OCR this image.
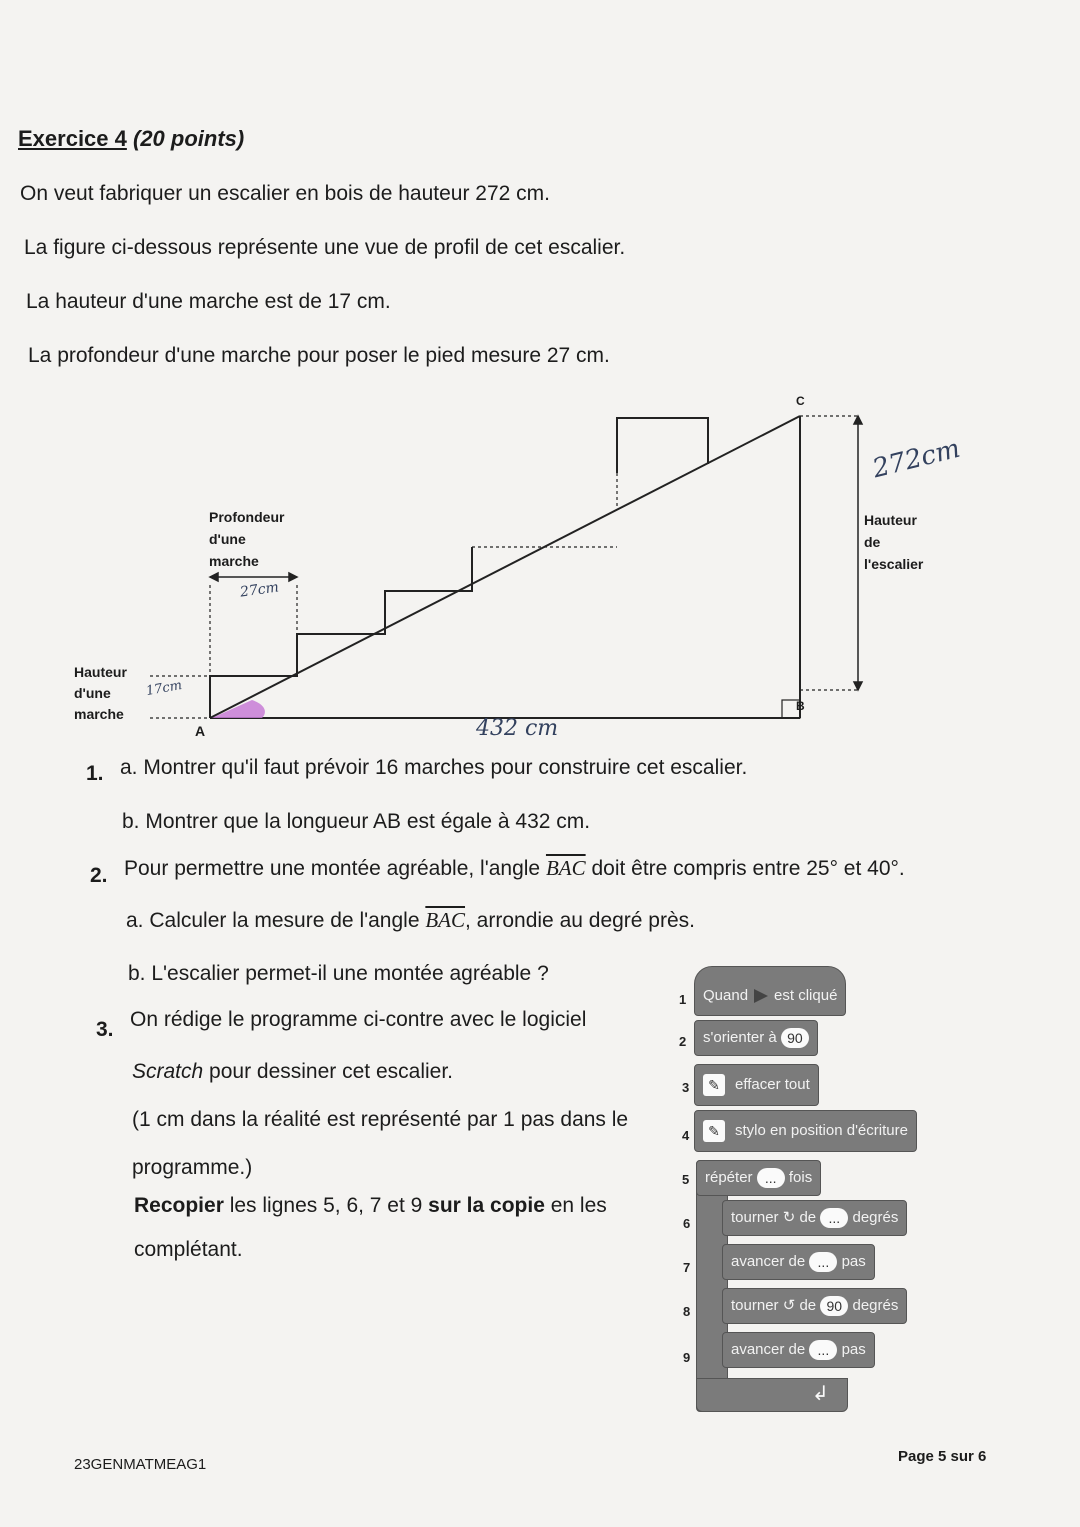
Exercice 4 (20 points)

On veut fabriquer un escalier en bois de hauteur 272 cm.

La figure ci-dessous représente une vue de profil de cet escalier.

La hauteur d'une marche est de 17 cm.

La profondeur d'une marche pour poser le pied mesure 27 cm.

Profondeur
d'une
marche
Hauteur
d'une
marche
Hauteur
de
l'escalier

A

B

C

27cm

17cm

272cm

432 cm

1. a. Montrer qu'il faut prévoir 16 marches pour construire cet escalier.

b. Montrer que la longueur AB est égale à 432 cm.

2. Pour permettre une montée agréable, l'angle $\overline{BAC}$ doit être compris entre 25° et 40°.

a. Calculer la mesure de l'angle $\overline{BAC}$, arrondie au degré près.

b. L'escalier permet-il une montée agréable ?

3. On rédige le programme ci-contre avec le logiciel

Scratch pour dessiner cet escalier.

(1 cm dans la réalité est représenté par 1 pas dans le

programme.)

Recopier les lignes 5, 6, 7 et 9 sur la copie en les

complétant.

↲
1
2
3
4
5
6
7
8
9
Quand est cliqué
s'orienter à 90
✎ effacer tout
✎ stylo en position d'écriture
répéter ... fois
tourner ↻ de ... degrés
avancer de ... pas
tourner ↺ de 90 degrés
avancer de ... pas

23GENMATMEAG1	Page 5 sur 6
